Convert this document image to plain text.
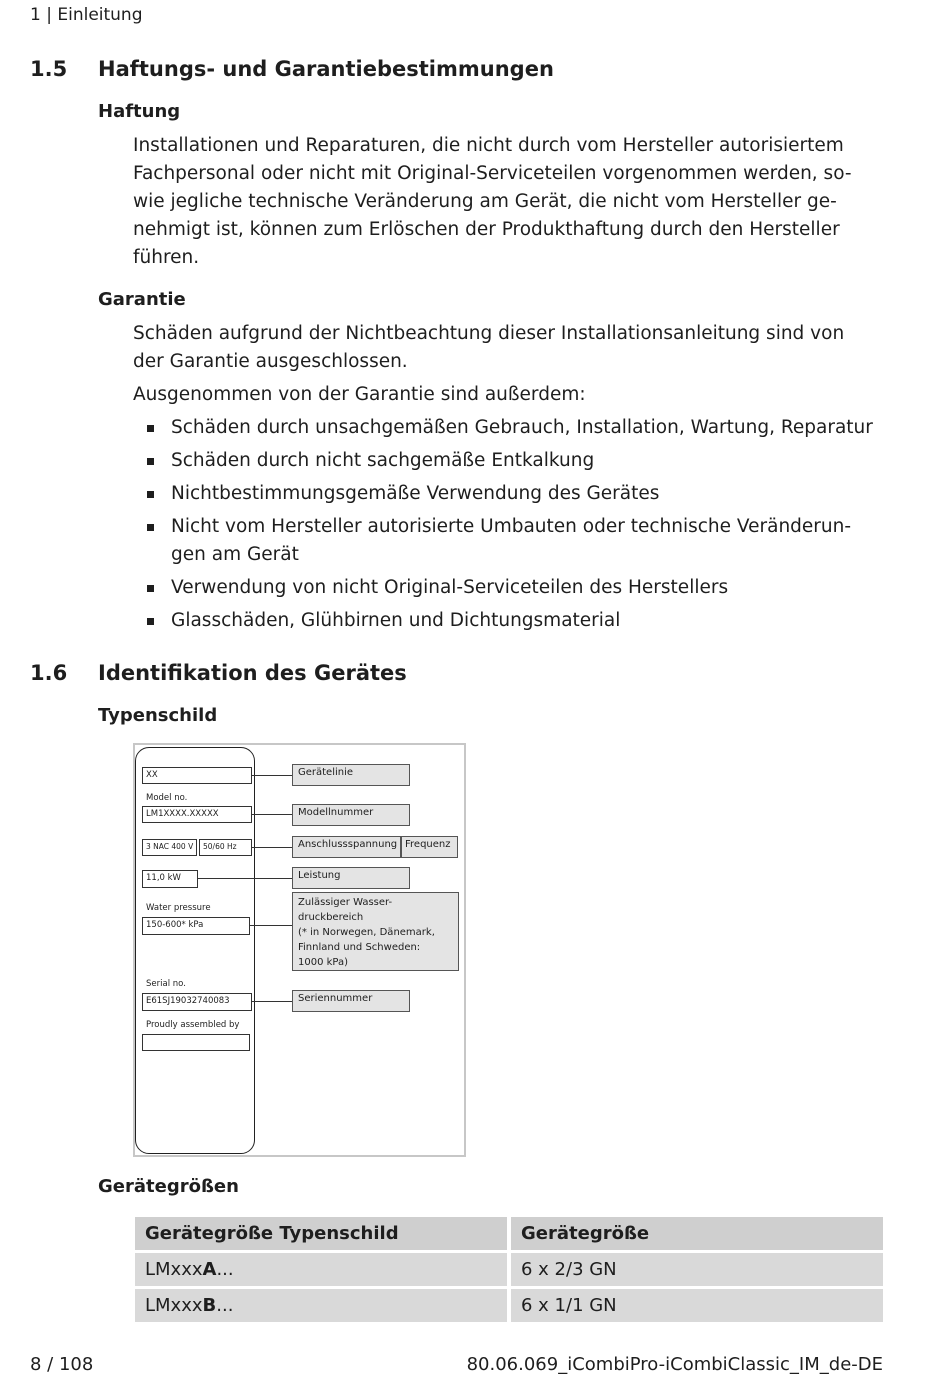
1 | Einleitung
1.5 Haftungs- und Garantiebestimmungen
Haftung

Installationen und Reparaturen, die nicht durch vom Hersteller autorisiertem

Fachpersonal oder nicht mit Original-Serviceteilen vorgenommen werden, so-

wie jegliche technische Veränderung am Gerät, die nicht vom Hersteller ge-

nehmigt ist, können zum Erlöschen der Produkthaftung durch den Hersteller

führen.

Garantie

Schäden aufgrund der Nichtbeachtung dieser Installationsanleitung sind von

der Garantie ausgeschlossen.

Ausgenommen von der Garantie sind außerdem:
Schäden durch unsachgemäßen Gebrauch, Installation, Wartung, Reparatur
Schäden durch nicht sachgemäße Entkalkung
Nichtbestimmungsgemäße Verwendung des Gerätes
Nicht vom Hersteller autorisierte Umbauten oder technische Veränderun-
gen am Gerät
Verwendung von nicht Original-Serviceteilen des Herstellers
Glasschäden, Glühbirnen und Dichtungsmaterial
1.6 Identifikation des Gerätes
Typenschild
XX
Model no.
LM1XXXX.XXXXX
3 NAC 400 V	50/60 Hz
11,0 kW
Water pressure
150-600* kPa
Serial no.
E61SJ19032740083
Proudly assembled by
Gerätelinie
Modellnummer
Anschlussspannung Frequenz
Leistung
Zulässiger Wasser-
druckbereich
(* in Norwegen, Dänemark,
Finnland und Schweden:
1000 kPa)
Seriennummer
Gerätegrößen
Gerätegröße Typenschild	Gerätegröße
LMxxxA...	6 x 2/3 GN
LMxxxB...	6 x 1/1 GN
8 / 108	80.06.069_iCombiPro-iCombiClassic_IM_de-DE
